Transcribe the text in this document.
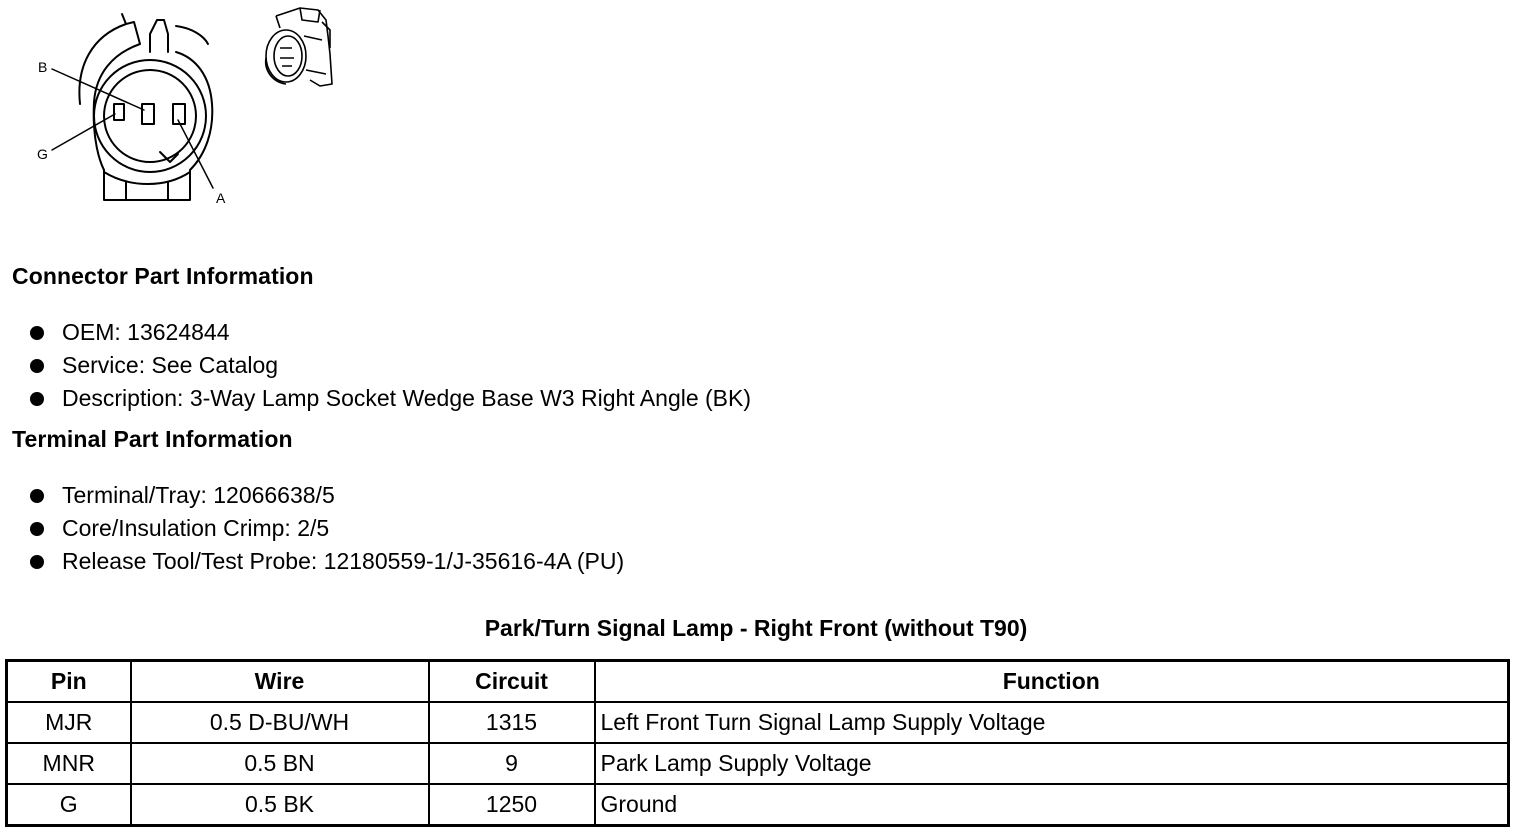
B
G
A
Connector Part Information
OEM: 13624844
Service: See Catalog
Description: 3-Way Lamp Socket Wedge Base W3 Right Angle (BK)
Terminal Part Information
Terminal/Tray: 12066638/5
Core/Insulation Crimp: 2/5
Release Tool/Test Probe: 12180559-1/J-35616-4A (PU)
Park/Turn Signal Lamp - Right Front (without T90)
Pin	Wire	Circuit	Function
MJR	0.5 D-BU/WH	1315	Left Front Turn Signal Lamp Supply Voltage
MNR	0.5 BN	9	Park Lamp Supply Voltage
G	0.5 BK	1250	Ground
